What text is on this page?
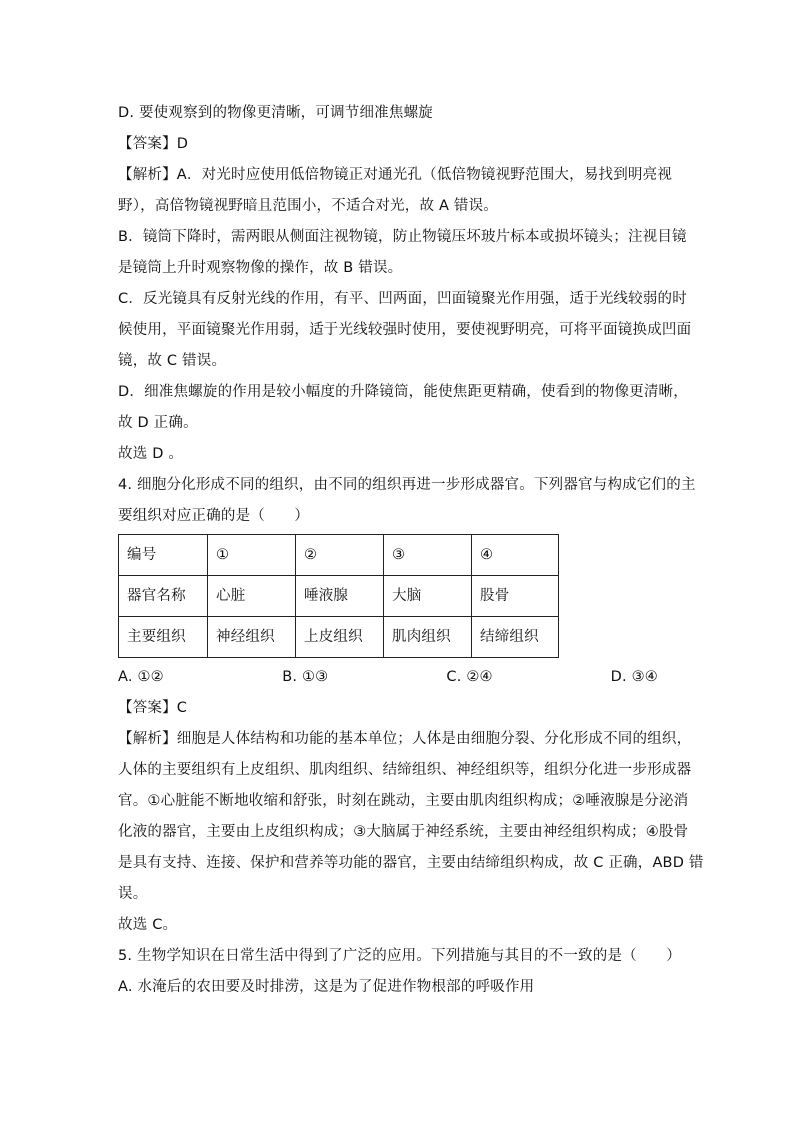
D. 要使观察到的物像更清晰，可调节细准焦螺旋

【答案】D

【解析】A．对光时应使用低倍物镜正对通光孔（低倍物镜视野范围大，易找到明亮视

野），高倍物镜视野暗且范围小，不适合对光，故 A 错误。

B．镜筒下降时，需两眼从侧面注视物镜，防止物镜压坏玻片标本或损坏镜头；注视目镜

是镜筒上升时观察物像的操作，故 B 错误。

C．反光镜具有反射光线的作用，有平、凹两面，凹面镜聚光作用强，适于光线较弱的时

候使用，平面镜聚光作用弱，适于光线较强时使用，要使视野明亮，可将平面镜换成凹面

镜，故 C 错误。

D．细准焦螺旋的作用是较小幅度的升降镜筒，能使焦距更精确，使看到的物像更清晰，

故 D 正确。

故选 D 。

4. 细胞分化形成不同的组织，由不同的组织再进一步形成器官。下列器官与构成它们的主

要组织对应正确的是（　　）

编号	①	②	③	④
器官名称	心脏	唾液腺	大脑	股骨
主要组织	神经组织	上皮组织	肌肉组织	结缔组织
A. ①②	B. ①③	C. ②④	D. ③④

【答案】C

【解析】细胞是人体结构和功能的基本单位；人体是由细胞分裂、分化形成不同的组织，

人体的主要组织有上皮组织、肌肉组织、结缔组织、神经组织等，组织分化进一步形成器

官。①心脏能不断地收缩和舒张，时刻在跳动，主要由肌肉组织构成；②唾液腺是分泌消

化液的器官，主要由上皮组织构成；③大脑属于神经系统，主要由神经组织构成；④股骨

是具有支持、连接、保护和营养等功能的器官，主要由结缔组织构成，故 C 正确，ABD 错

误。

故选 C。

5. 生物学知识在日常生活中得到了广泛的应用。下列措施与其目的不一致的是（　　）

A. 水淹后的农田要及时排涝，这是为了促进作物根部的呼吸作用
